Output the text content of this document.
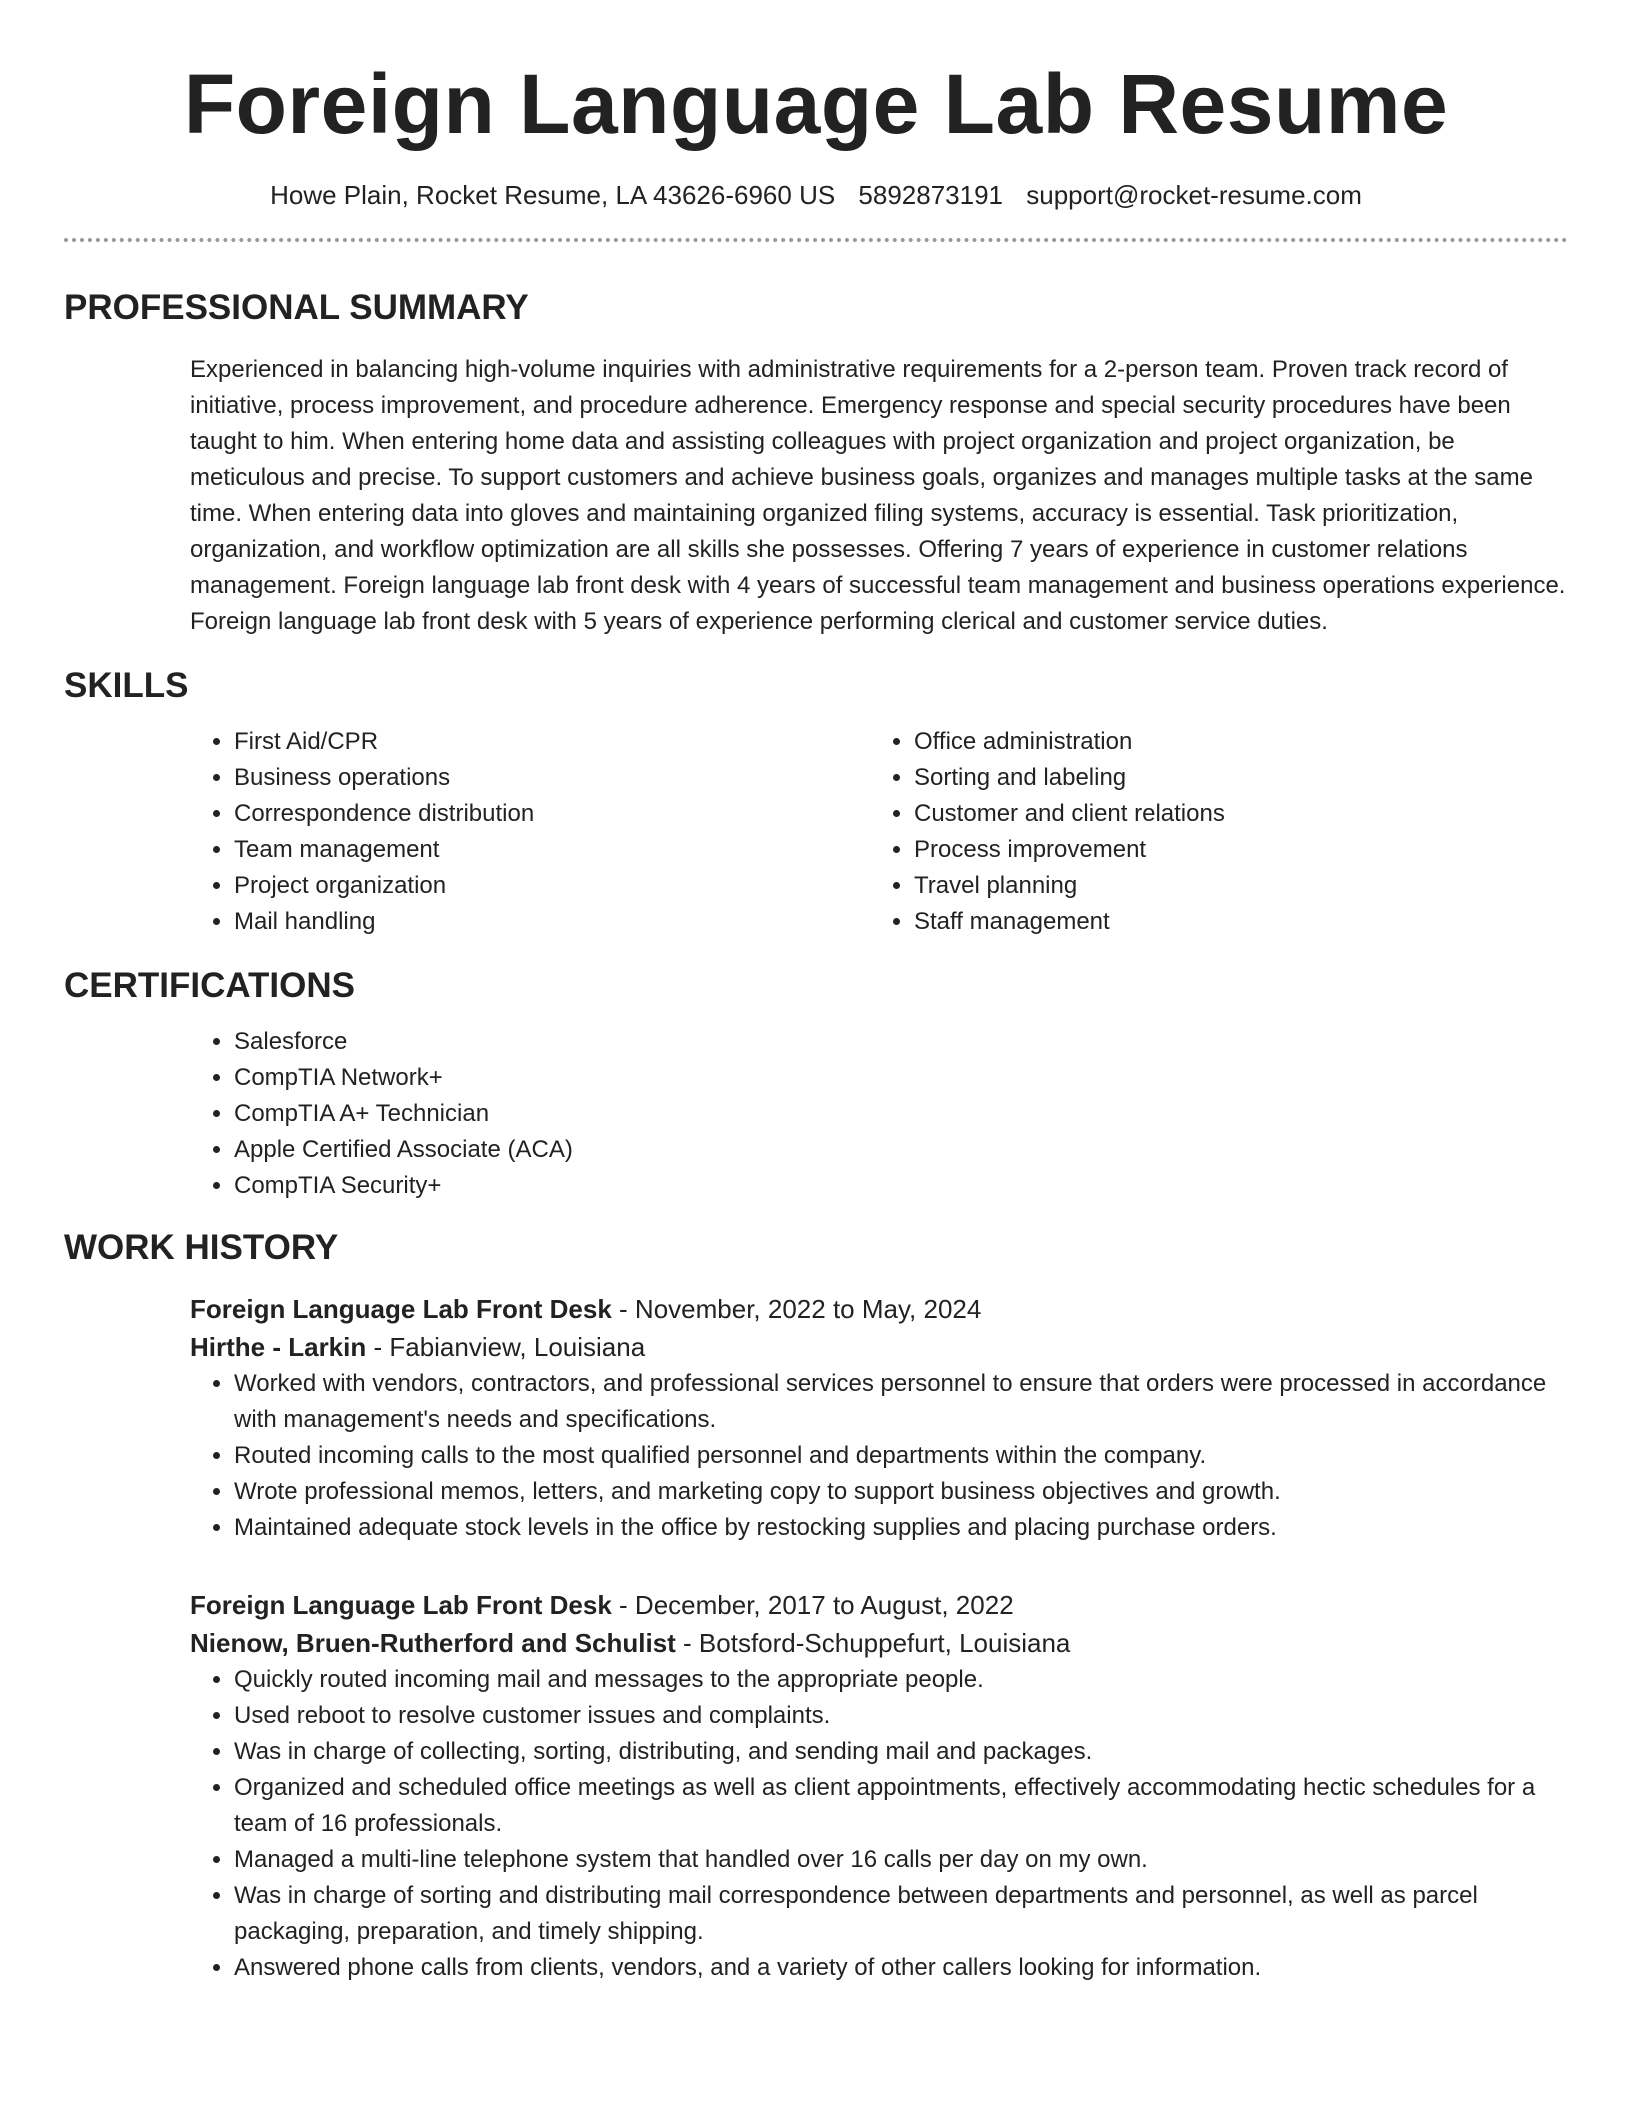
Foreign Language Lab Resume
Howe Plain, Rocket Resume, LA 43626-6960 US 5892873191 support@rocket-resume.com
PROFESSIONAL SUMMARY
Experienced in balancing high-volume inquiries with administrative requirements for a 2-person team. Proven track record of initiative, process improvement, and procedure adherence. Emergency response and special security procedures have been taught to him. When entering home data and assisting colleagues with project organization and project organization, be meticulous and precise. To support customers and achieve business goals, organizes and manages multiple tasks at the same time. When entering data into gloves and maintaining organized filing systems, accuracy is essential. Task prioritization, organization, and workflow optimization are all skills she possesses. Offering 7 years of experience in customer relations management. Foreign language lab front desk with 4 years of successful team management and business operations experience. Foreign language lab front desk with 5 years of experience performing clerical and customer service duties.
SKILLS
• First Aid/CPR
• Business operations
• Correspondence distribution
• Team management
• Project organization
• Mail handling
• Office administration
• Sorting and labeling
• Customer and client relations
• Process improvement
• Travel planning
• Staff management
CERTIFICATIONS
• Salesforce
• CompTIA Network+
• CompTIA A+ Technician
• Apple Certified Associate (ACA)
• CompTIA Security+
WORK HISTORY
Foreign Language Lab Front Desk - November, 2022 to May, 2024
Hirthe - Larkin - Fabianview, Louisiana
• Worked with vendors, contractors, and professional services personnel to ensure that orders were processed in accordance with management's needs and specifications.
• Routed incoming calls to the most qualified personnel and departments within the company.
• Wrote professional memos, letters, and marketing copy to support business objectives and growth.
• Maintained adequate stock levels in the office by restocking supplies and placing purchase orders.
Foreign Language Lab Front Desk - December, 2017 to August, 2022
Nienow, Bruen-Rutherford and Schulist - Botsford-Schuppefurt, Louisiana
• Quickly routed incoming mail and messages to the appropriate people.
• Used reboot to resolve customer issues and complaints.
• Was in charge of collecting, sorting, distributing, and sending mail and packages.
• Organized and scheduled office meetings as well as client appointments, effectively accommodating hectic schedules for a team of 16 professionals.
• Managed a multi-line telephone system that handled over 16 calls per day on my own.
• Was in charge of sorting and distributing mail correspondence between departments and personnel, as well as parcel packaging, preparation, and timely shipping.
• Answered phone calls from clients, vendors, and a variety of other callers looking for information.
